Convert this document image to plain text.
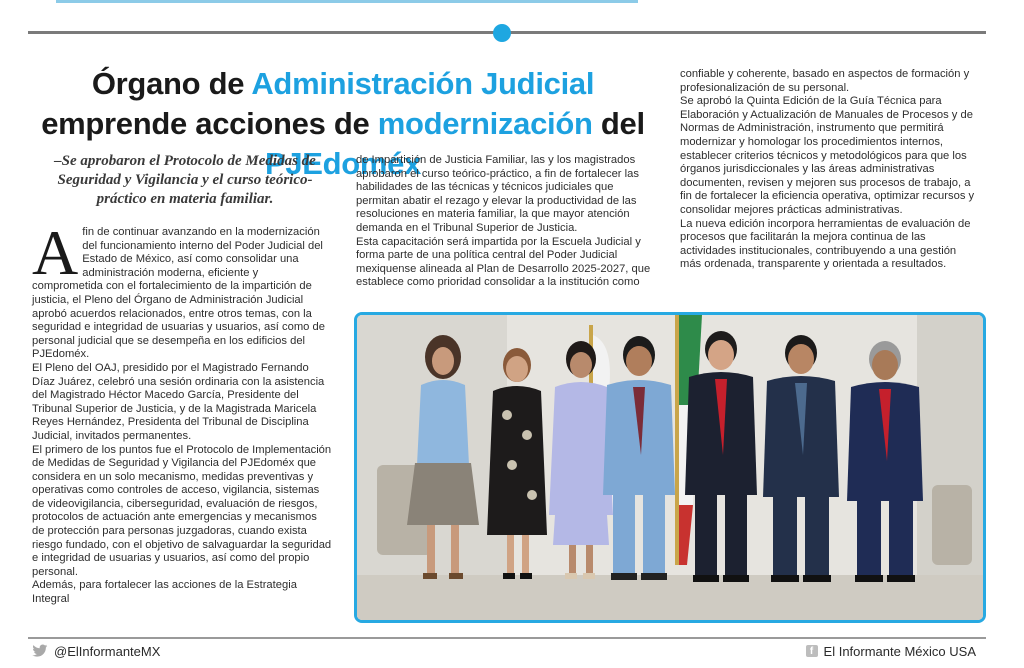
Órgano de Administración Judicial emprende acciones de modernización del PJEdoméx
–Se aprobaron el Protocolo de Medidas de Seguridad y Vigilancia y el curso teórico-práctico en materia familiar.

Afin de continuar avanzando en la modernización del funcionamiento interno del Poder Judicial del Estado de México, así como consolidar una administración moderna, eficiente y comprometida con el fortalecimiento de la impartición de justicia, el Pleno del Órgano de Administración Judicial aprobó acuerdos relacionados, entre otros temas, con la seguridad e integridad de usuarias y usuarios, así como de personal judicial que se desempeña en los edificios del PJEdoméx.

El Pleno del OAJ, presidido por el Magistrado Fernando Díaz Juárez, celebró una sesión ordinaria con la asistencia del Magistrado Héctor Macedo García, Presidente del Tribunal Superior de Justicia, y de la Magistrada Maricela Reyes Hernández, Presidenta del Tribunal de Disciplina Judicial, invitados permanentes.

El primero de los puntos fue el Protocolo de Implementación de Medidas de Seguridad y Vigilancia del PJEdoméx que considera en un solo mecanismo, medidas preventivas y operativas como controles de acceso, vigilancia, sistemas de videovigilancia, ciberseguridad, evaluación de riesgos, protocolos de actuación ante emergencias y mecanismos de protección para personas juzgadoras, cuando exista riesgo fundado, con el objetivo de salvaguardar la seguridad e integridad de usuarias y usuarios, así como del propio personal.

Además, para fortalecer las acciones de la Estrategia Integral

de Impartición de Justicia Familiar, las y los magistrados aprobaron el curso teórico-práctico, a fin de fortalecer las habilidades de las técnicas y técnicos judiciales que permitan abatir el rezago y elevar la productividad de las resoluciones en materia familiar, la que mayor atención demanda en el Tribunal Superior de Justicia.

Esta capacitación será impartida por la Escuela Judicial y forma parte de una política central del Poder Judicial mexiquense alineada al Plan de Desarrollo 2025-2027, que establece como prioridad consolidar a la institución como

confiable y coherente, basado en aspectos de formación y profesionalización de su personal.

Se aprobó la Quinta Edición de la Guía Técnica para Elaboración y Actualización de Manuales de Procesos y de Normas de Administración, instrumento que permitirá modernizar y homologar los procedimientos internos, establecer criterios técnicos y metodológicos para que los órganos jurisdiccionales y las áreas administrativas documenten, revisen y mejoren sus procesos de trabajo, a fin de fortalecer la eficiencia operativa, optimizar recursos y consolidar mejores prácticas administrativas.

La nueva edición incorpora herramientas de evaluación de procesos que facilitarán la mejora continua de las actividades institucionales, contribuyendo a una gestión más ordenada, transparente y orientada a resultados.

@ElInformanteMX	f El Informante México USA
